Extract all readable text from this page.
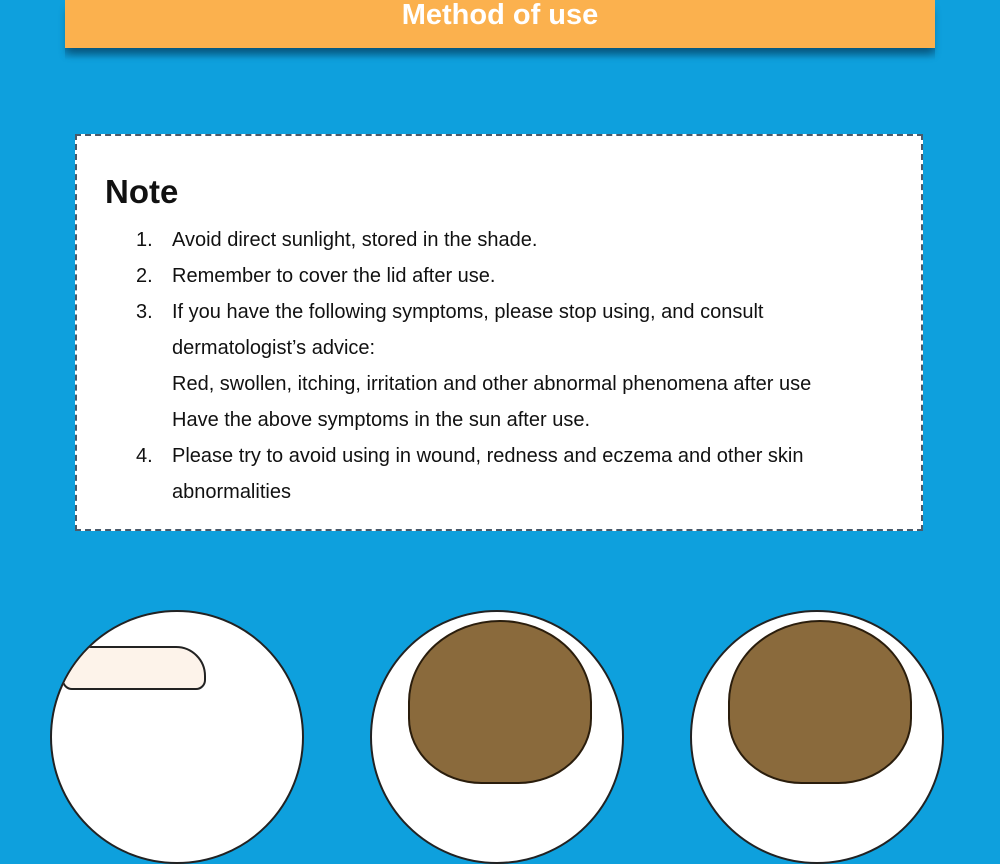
Method of use
Note
1. Avoid direct sunlight, stored in the shade.
2. Remember to cover the lid after use.
3. If you have the following symptoms, please stop using, and consult
dermatologist’s advice:
Red, swollen, itching, irritation and other abnormal phenomena after use
Have the above symptoms in the sun after use.
4. Please try to avoid using in wound, redness and eczema and other skin
abnormalities
